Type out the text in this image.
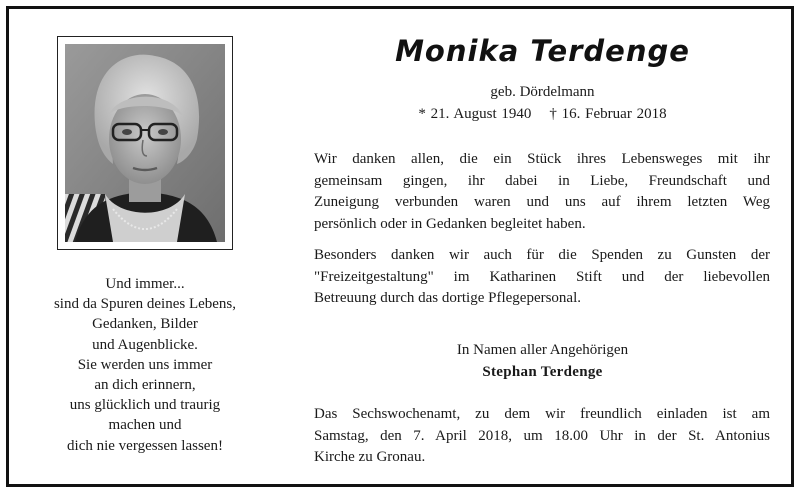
Und immer...
sind da Spuren deines Lebens,
Gedanken, Bilder
und Augenblicke.
Sie werden uns immer
an dich erinnern,
uns glücklich und traurig
machen und
dich nie vergessen lassen!
Monika Terdenge
geb. Dördelmann
* 21. August 1940 † 16. Februar 2018
Wir danken allen, die ein Stück ihres Lebensweges mit ihr
gemeinsam gingen, ihr dabei in Liebe, Freundschaft und
Zuneigung verbunden waren und uns auf ihrem letzten Weg
persönlich oder in Gedanken begleitet haben.
Besonders danken wir auch für die Spenden zu Gunsten der
"Freizeitgestaltung" im Katharinen Stift und der liebevollen
Betreuung durch das dortige Pflegepersonal.
In Namen aller Angehörigen
Stephan Terdenge
Das Sechswochenamt, zu dem wir freundlich einladen ist am
Samstag, den 7. April 2018, um 18.00 Uhr in der St. Antonius
Kirche zu Gronau.
